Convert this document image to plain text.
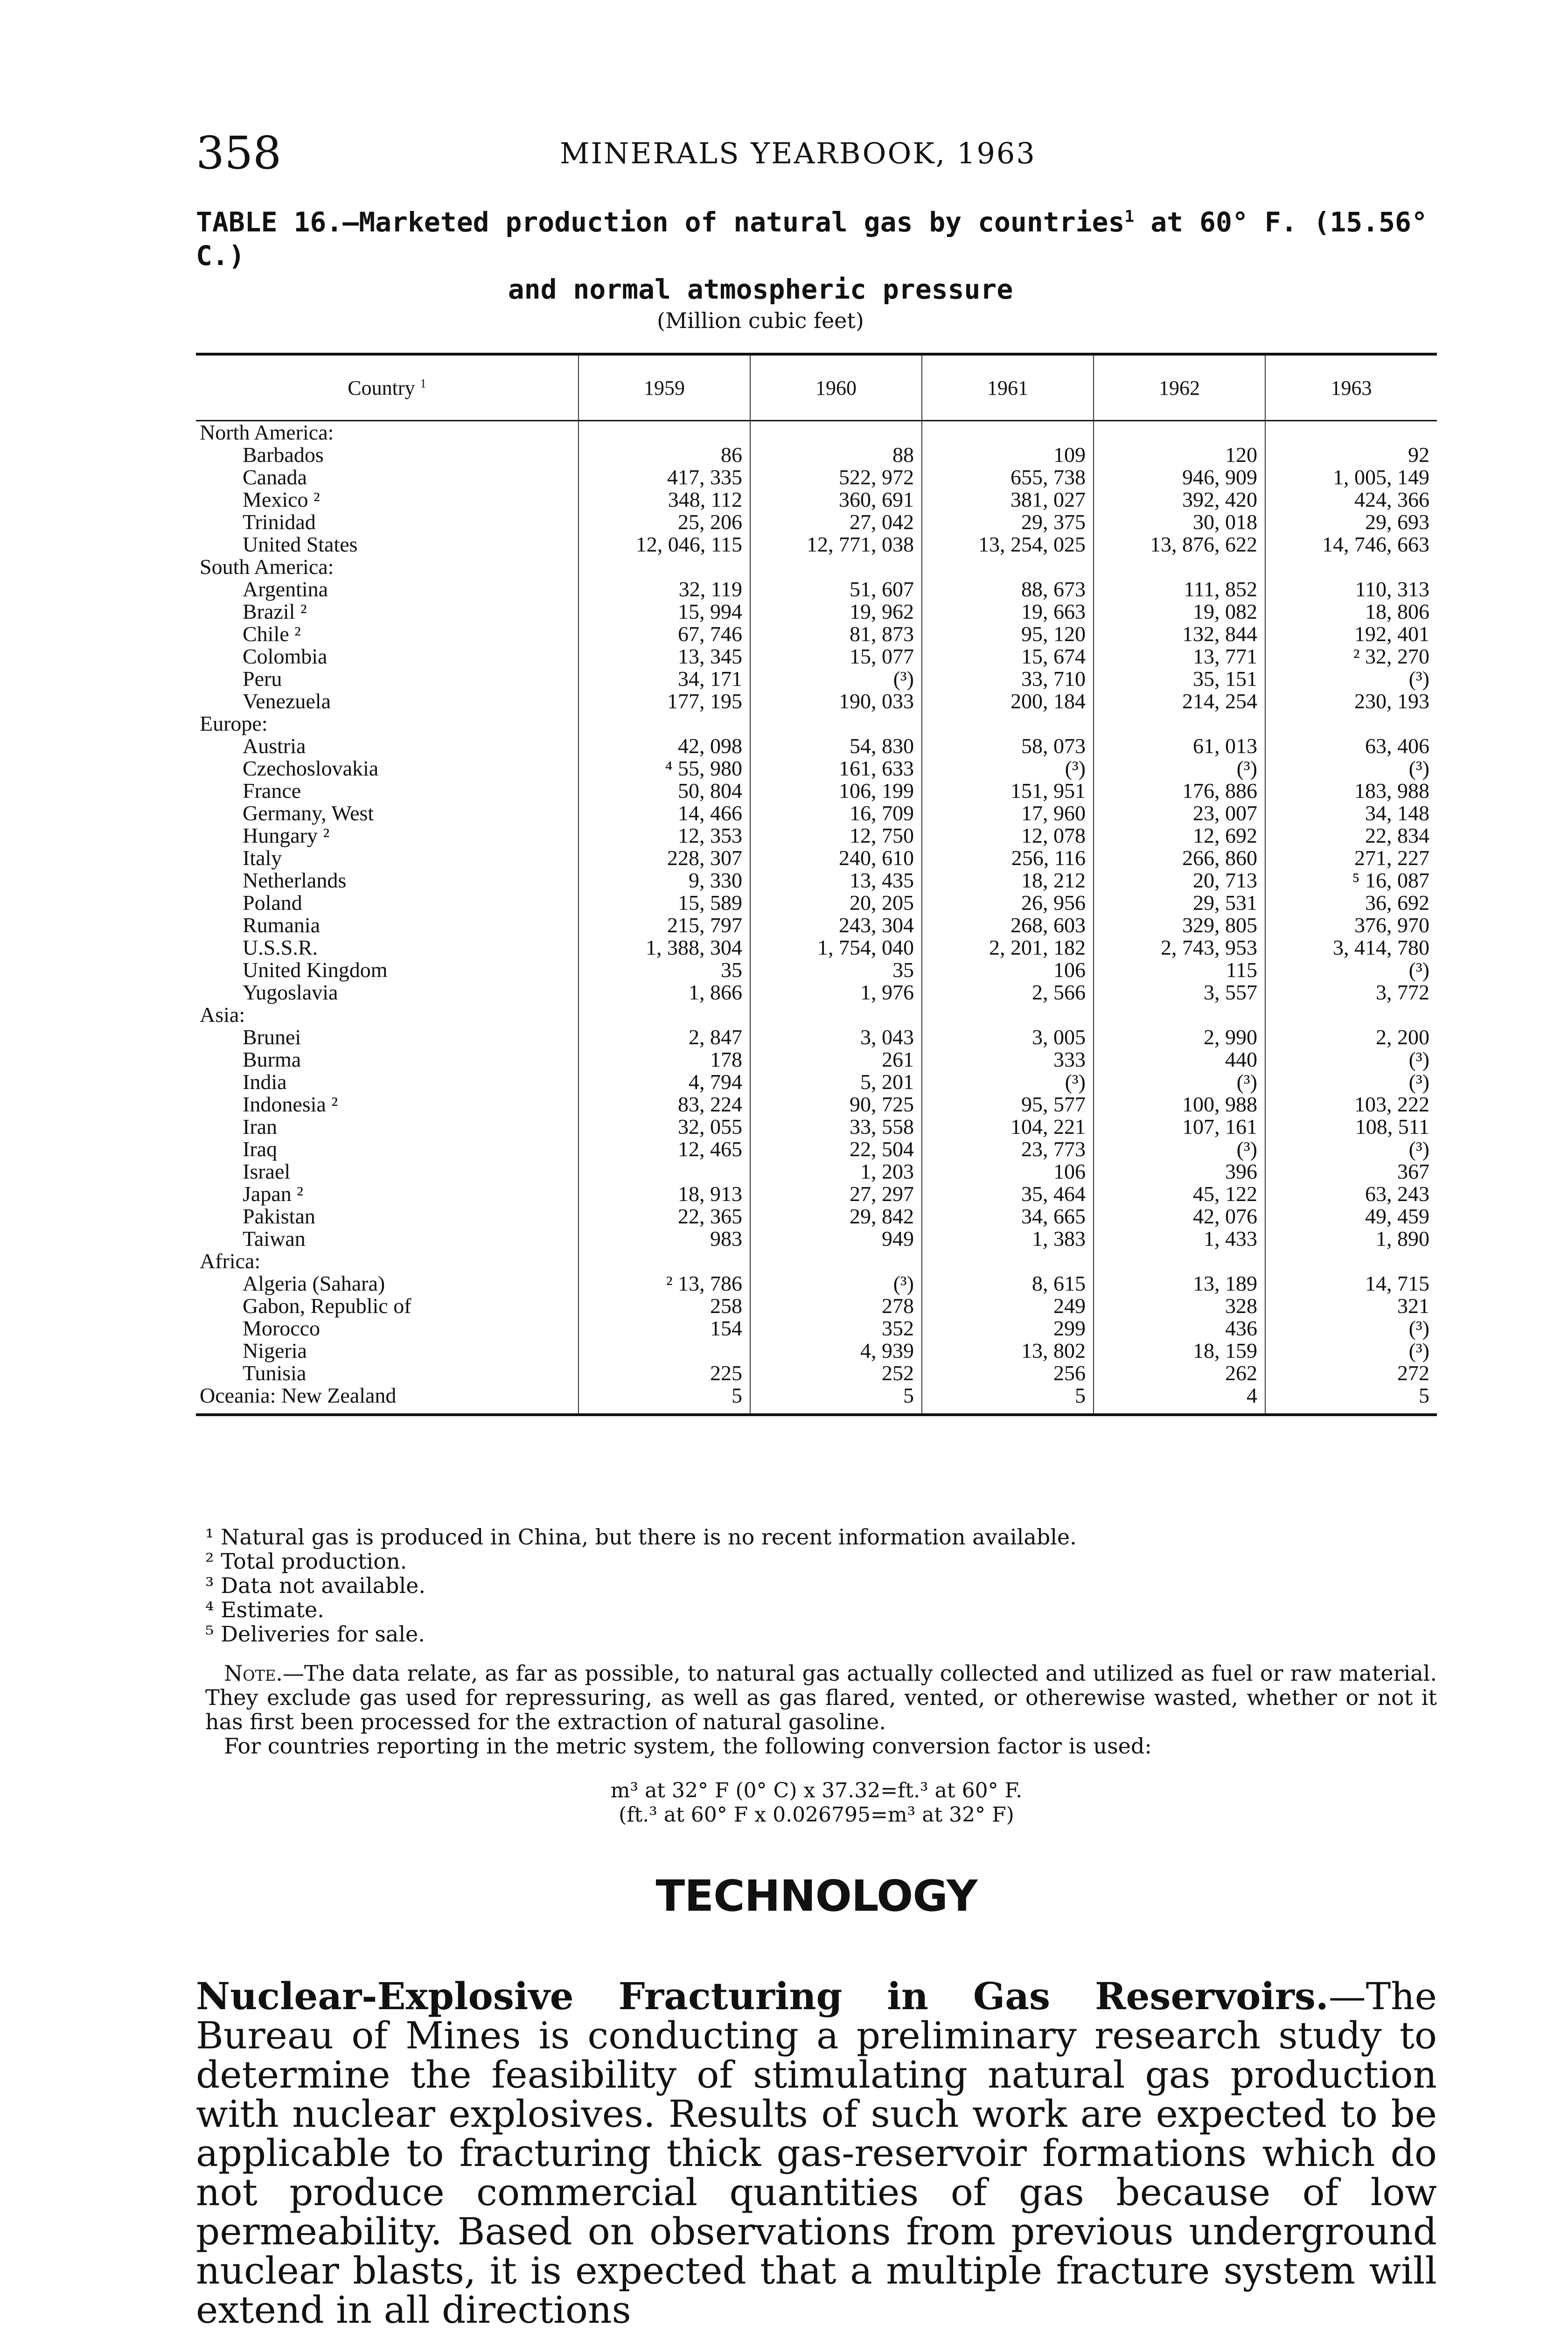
358	MINERALS YEARBOOK, 1963
TABLE 16.—Marketed production of natural gas by countries$^1$ at 60° F. (15.56° C.)
and normal atmospheric pressure
(Million cubic feet)
Country $^1$	1959	1960	1961	1962	1963
North America:					
Barbados	86	88	109	120	92
Canada	417, 335	522, 972	655, 738	946, 909	1, 005, 149
Mexico ²	348, 112	360, 691	381, 027	392, 420	424, 366
Trinidad	25, 206	27, 042	29, 375	30, 018	29, 693
United States	12, 046, 115	12, 771, 038	13, 254, 025	13, 876, 622	14, 746, 663
South America:					
Argentina	32, 119	51, 607	88, 673	111, 852	110, 313
Brazil ²	15, 994	19, 962	19, 663	19, 082	18, 806
Chile ²	67, 746	81, 873	95, 120	132, 844	192, 401
Colombia	13, 345	15, 077	15, 674	13, 771	² 32, 270
Peru	34, 171	(³)	33, 710	35, 151	(³)
Venezuela	177, 195	190, 033	200, 184	214, 254	230, 193
Europe:					
Austria	42, 098	54, 830	58, 073	61, 013	63, 406
Czechoslovakia	⁴ 55, 980	161, 633	(³)	(³)	(³)
France	50, 804	106, 199	151, 951	176, 886	183, 988
Germany, West	14, 466	16, 709	17, 960	23, 007	34, 148
Hungary ²	12, 353	12, 750	12, 078	12, 692	22, 834
Italy	228, 307	240, 610	256, 116	266, 860	271, 227
Netherlands	9, 330	13, 435	18, 212	20, 713	⁵ 16, 087
Poland	15, 589	20, 205	26, 956	29, 531	36, 692
Rumania	215, 797	243, 304	268, 603	329, 805	376, 970
U.S.S.R.	1, 388, 304	1, 754, 040	2, 201, 182	2, 743, 953	3, 414, 780
United Kingdom	35	35	106	115	(³)
Yugoslavia	1, 866	1, 976	2, 566	3, 557	3, 772
Asia:					
Brunei	2, 847	3, 043	3, 005	2, 990	2, 200
Burma	178	261	333	440	(³)
India	4, 794	5, 201	(³)	(³)	(³)
Indonesia ²	83, 224	90, 725	95, 577	100, 988	103, 222
Iran	32, 055	33, 558	104, 221	107, 161	108, 511
Iraq	12, 465	22, 504	23, 773	(³)	(³)
Israel		1, 203	106	396	367
Japan ²	18, 913	27, 297	35, 464	45, 122	63, 243
Pakistan	22, 365	29, 842	34, 665	42, 076	49, 459
Taiwan	983	949	1, 383	1, 433	1, 890
Africa:					
Algeria (Sahara)	² 13, 786	(³)	8, 615	13, 189	14, 715
Gabon, Republic of	258	278	249	328	321
Morocco	154	352	299	436	(³)
Nigeria		4, 939	13, 802	18, 159	(³)
Tunisia	225	252	256	262	272
Oceania: New Zealand	5	5	5	4	5

¹ Natural gas is produced in China, but there is no recent information available.
² Total production.
³ Data not available.
⁴ Estimate.
⁵ Deliveries for sale.

Note.—The data relate, as far as possible, to natural gas actually collected and utilized as fuel or raw material. They exclude gas used for repressuring, as well as gas flared, vented, or otherewise wasted, whether or not it has first been processed for the extraction of natural gasoline.

For countries reporting in the metric system, the following conversion factor is used:

m³ at 32° F (0° C) x 37.32=ft.³ at 60° F.
(ft.³ at 60° F x 0.026795=m³ at 32° F)
TECHNOLOGY
Nuclear-Explosive Fracturing in Gas Reservoirs.—The Bureau of Mines is conducting a preliminary research study to determine the feasibility of stimulating natural gas production with nuclear explosives. Results of such work are expected to be applicable to fracturing thick gas-reservoir formations which do not produce commercial quantities of gas because of low permeability. Based on observations from previous underground nuclear blasts, it is expected that a multiple fracture system will extend in all directions
